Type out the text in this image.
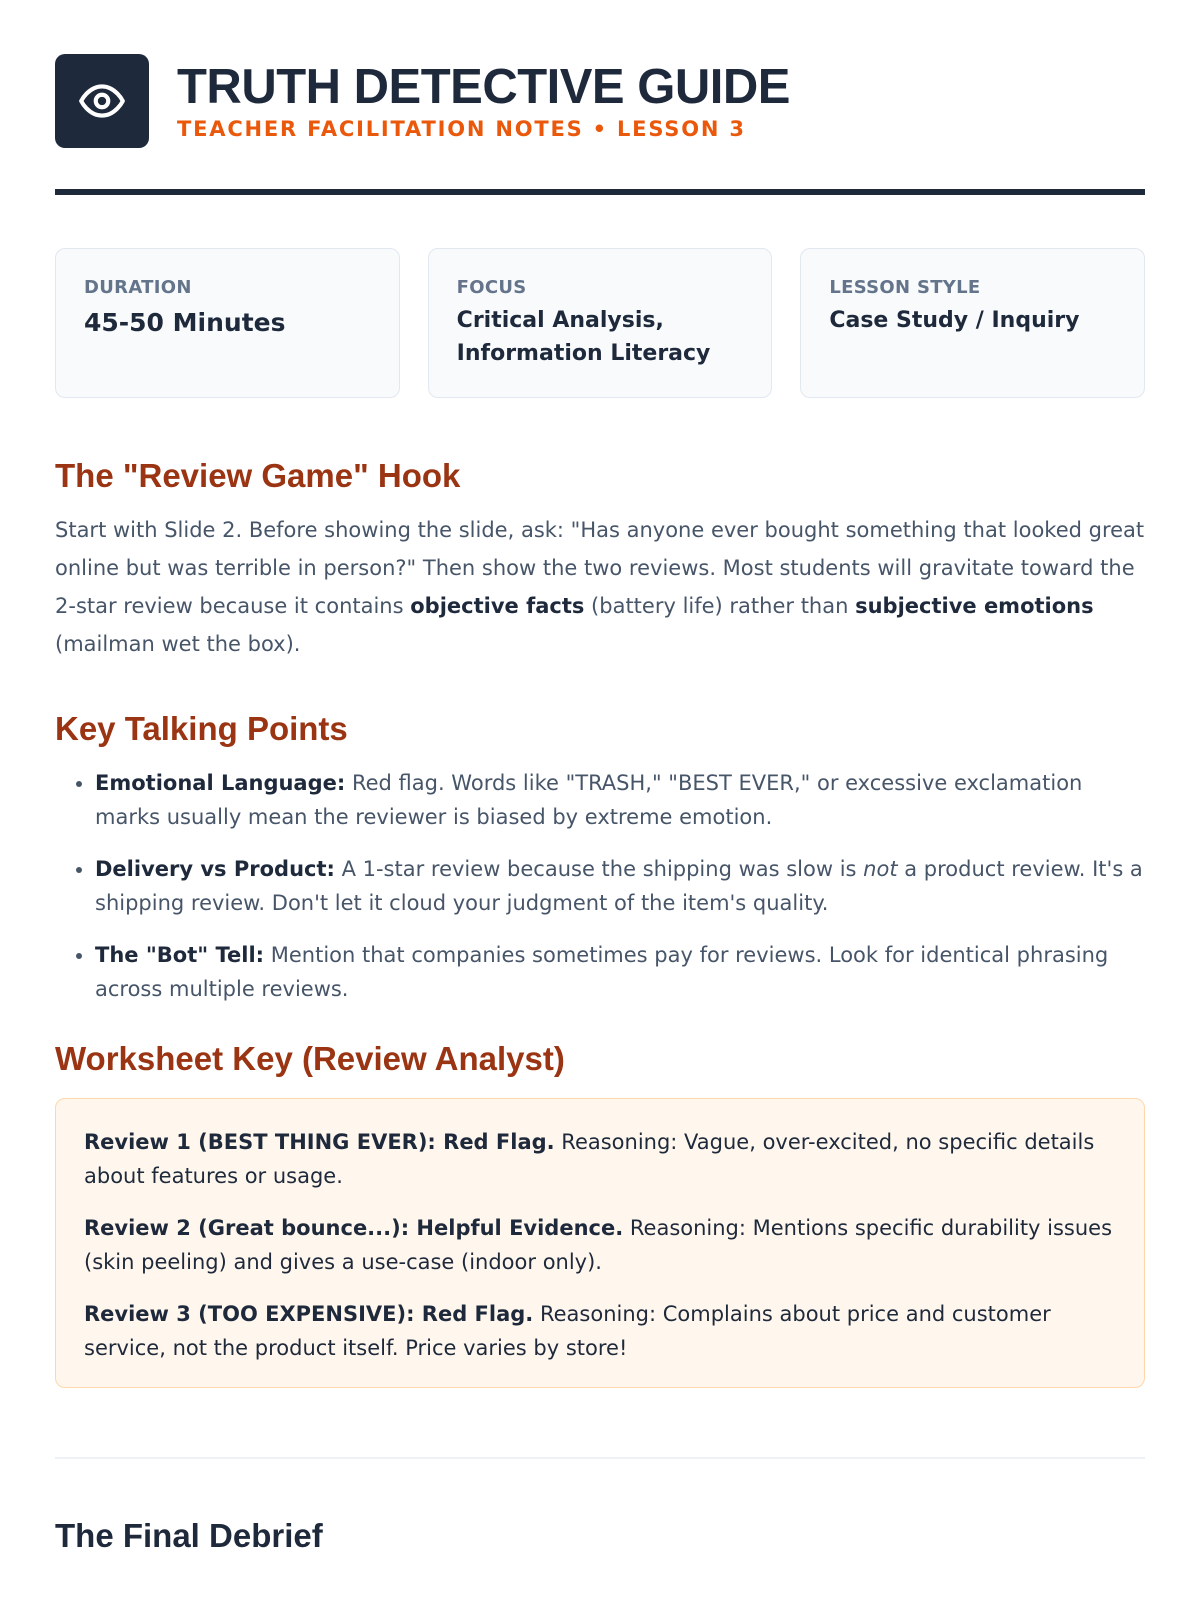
TRUTH DETECTIVE GUIDE
TEACHER FACILITATION NOTES • LESSON 3
DURATION
45-50 Minutes
FOCUS
Critical Analysis, Information Literacy
LESSON STYLE
Case Study / Inquiry
The "Review Game" Hook
Start with Slide 2. Before showing the slide, ask: "Has anyone ever bought something that looked great online but was terrible in person?" Then show the two reviews. Most students will gravitate toward the 2-star review because it contains objective facts (battery life) rather than subjective emotions (mailman wet the box).
Key Talking Points
• Emotional Language: Red flag. Words like "TRASH," "BEST EVER," or excessive exclamation marks usually mean the reviewer is biased by extreme emotion.
• Delivery vs Product: A 1-star review because the shipping was slow is not a product review. It's a shipping review. Don't let it cloud your judgment of the item's quality.
• The "Bot" Tell: Mention that companies sometimes pay for reviews. Look for identical phrasing across multiple reviews.
Worksheet Key (Review Analyst)

Review 1 (BEST THING EVER): Red Flag. Reasoning: Vague, over-excited, no specific details about features or usage.

Review 2 (Great bounce...): Helpful Evidence. Reasoning: Mentions specific durability issues (skin peeling) and gives a use-case (indoor only).

Review 3 (TOO EXPENSIVE): Red Flag. Reasoning: Complains about price and customer service, not the product itself. Price varies by store!

The Final Debrief
